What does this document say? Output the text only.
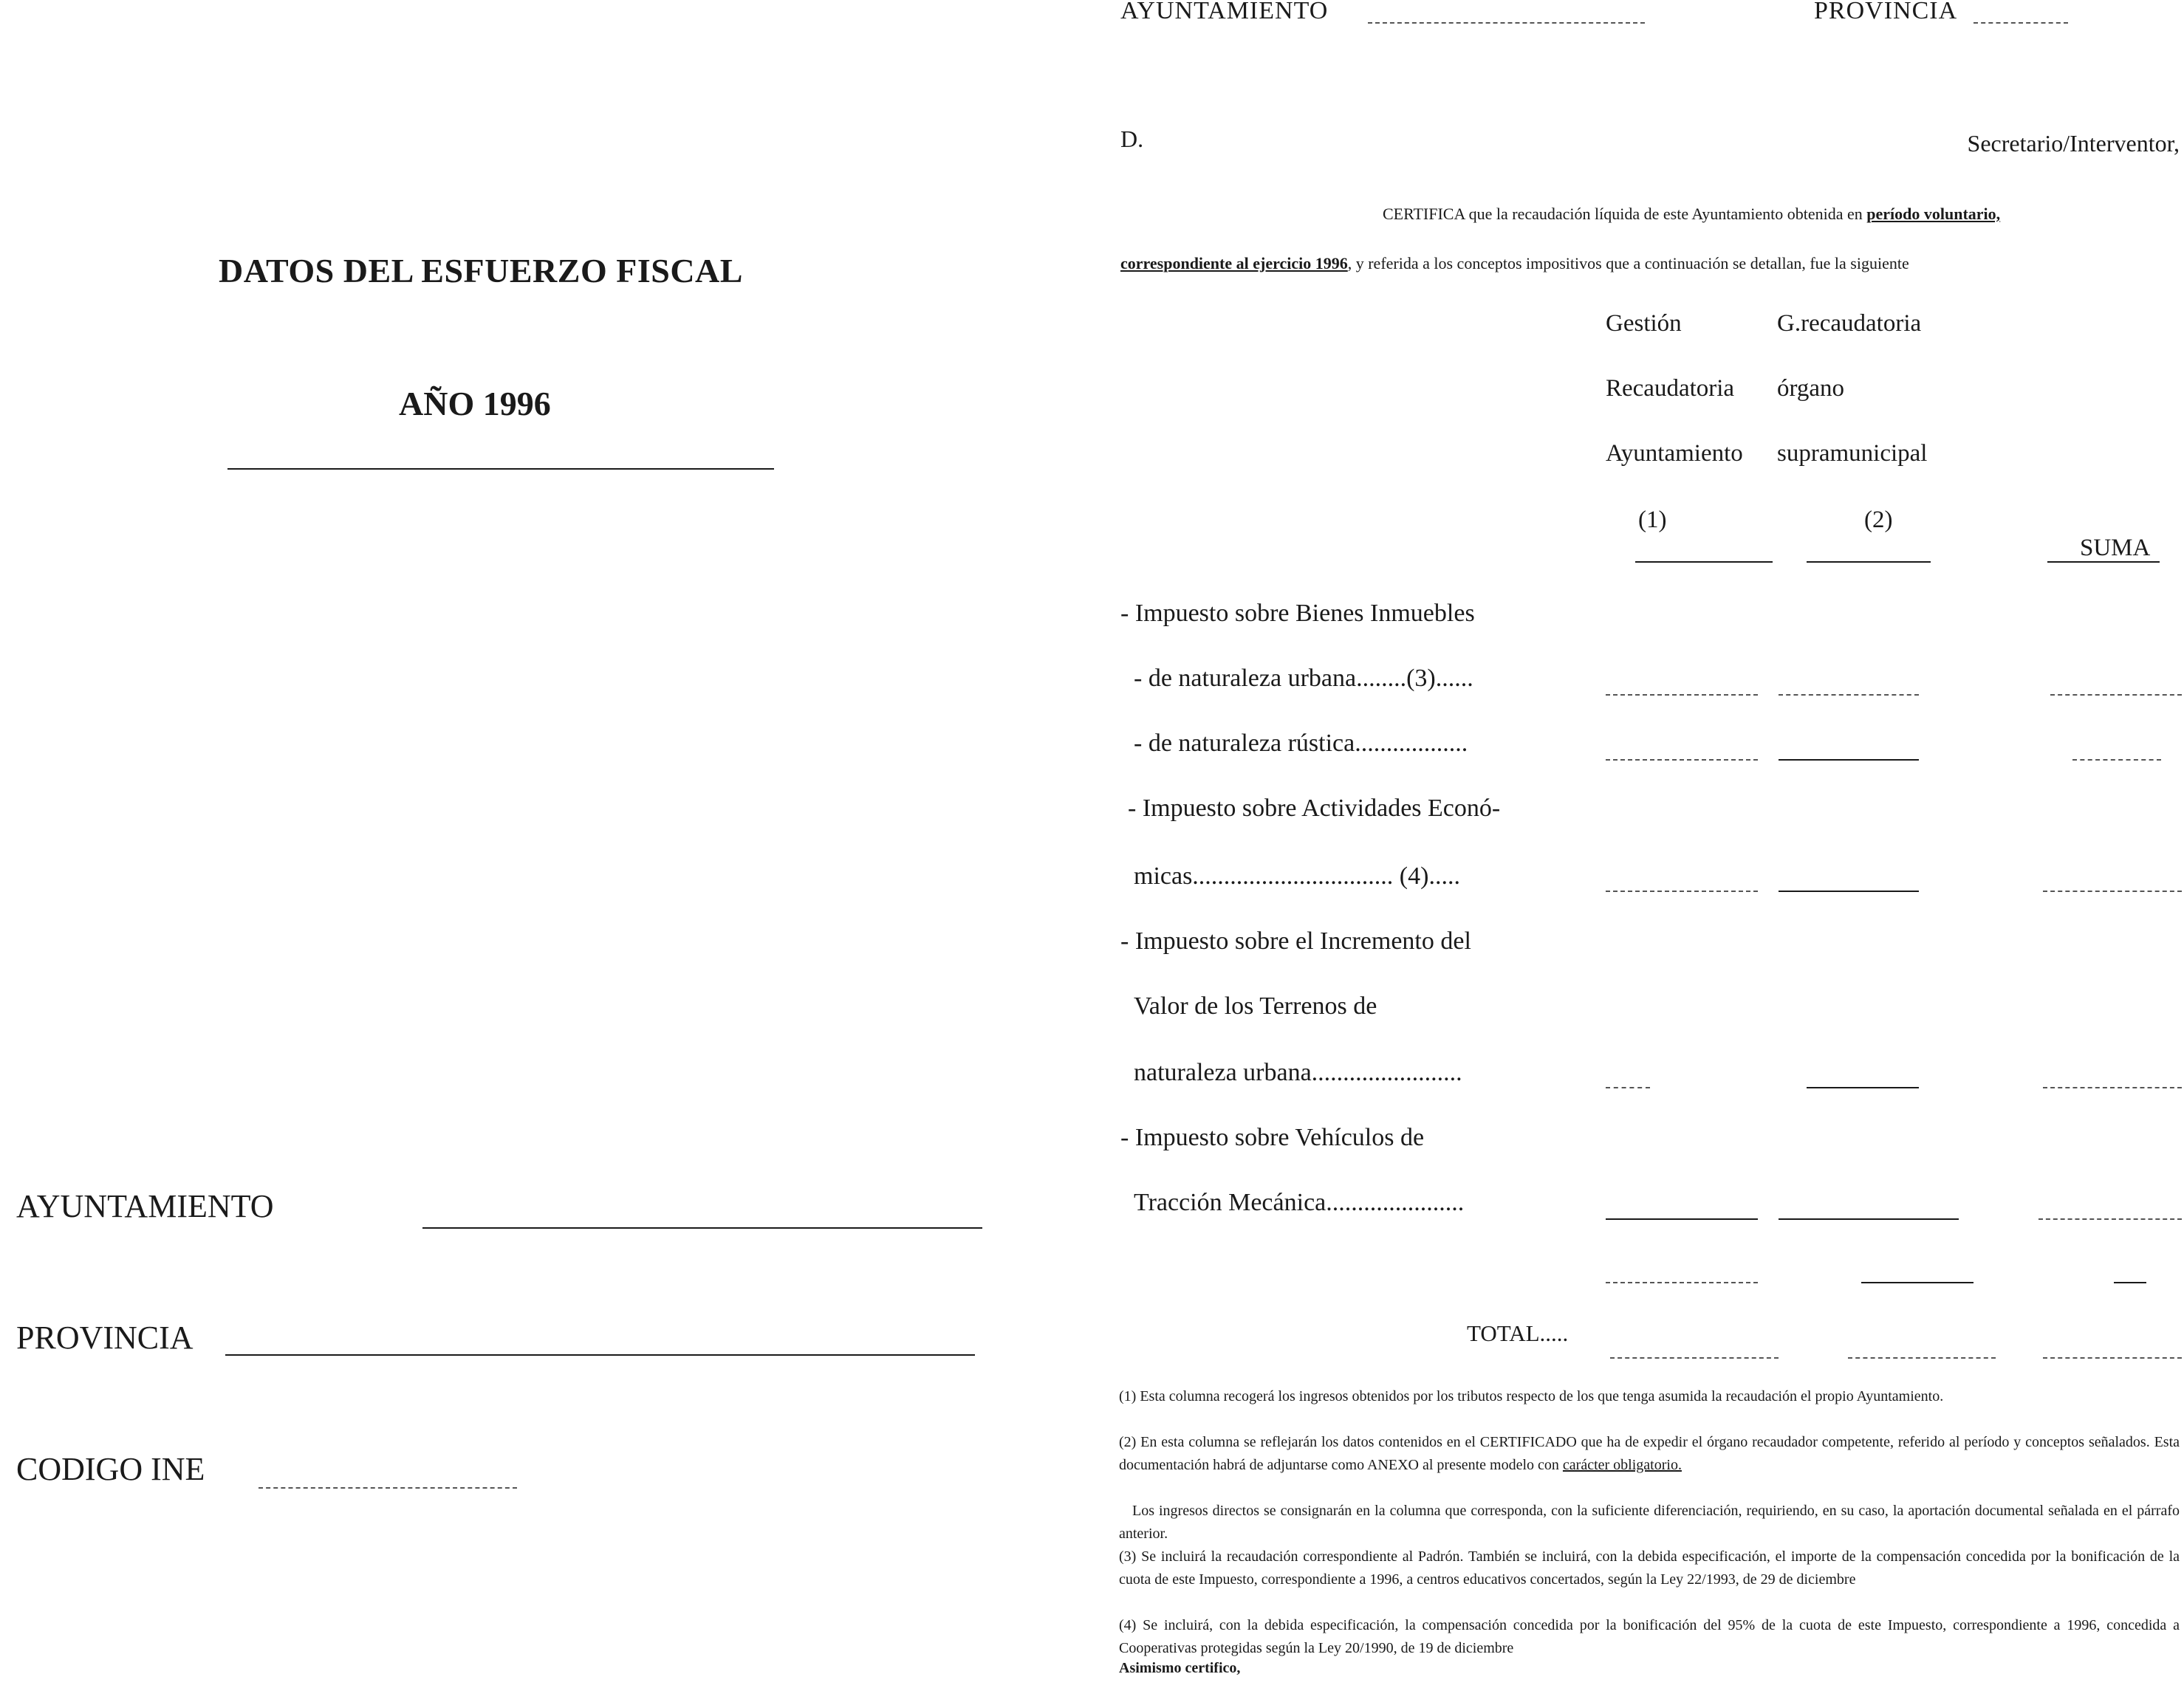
DATOS DEL ESFUERZO FISCAL
AÑO 1996
AYUNTAMIENTO
PROVINCIA
CODIGO INE
AYUNTAMIENTO	PROVINCIA
D.	Secretario/Interventor,
CERTIFICA que la recaudación líquida de este Ayuntamiento obtenida en período voluntario,
correspondiente al ejercicio 1996, y referida a los conceptos impositivos que a continuación se detallan, fue la siguiente
Gestión
Recaudatoria
Ayuntamiento
(1)
G.recaudatoria
órgano
supramunicipal
(2)
SUMA
- Impuesto sobre Bienes Inmuebles
- de naturaleza urbana........(3)......
- de naturaleza rústica..................
- Impuesto sobre Actividades Econó-
micas................................ (4).....
- Impuesto sobre el Incremento del
Valor de los Terrenos de
naturaleza urbana........................
- Impuesto sobre Vehículos de
Tracción Mecánica......................
TOTAL.....
(1) Esta columna recogerá los ingresos obtenidos por los tributos respecto de los que tenga asumida la recaudación el propio Ayuntamiento.
(2) En esta columna se reflejarán los datos contenidos en el CERTIFICADO que ha de expedir el órgano recaudador competente, referido al período y conceptos señalados. Esta documentación habrá de adjuntarse como ANEXO al presente modelo con carácter obligatorio.
Los ingresos directos se consignarán en la columna que corresponda, con la suficiente diferenciación, requiriendo, en su caso, la aportación documental señalada en el párrafo anterior.
(3) Se incluirá la recaudación correspondiente al Padrón. También se incluirá, con la debida especificación, el importe de la compensación concedida por la bonificación de la cuota de este Impuesto, correspondiente a 1996, a centros educativos concertados, según la Ley 22/1993, de 29 de diciembre
(4) Se incluirá, con la debida especificación, la compensación concedida por la bonificación del 95% de la cuota de este Impuesto, correspondiente a 1996, concedida a Cooperativas protegidas según la Ley 20/1990, de 19 de diciembre
Asimismo certifico,
